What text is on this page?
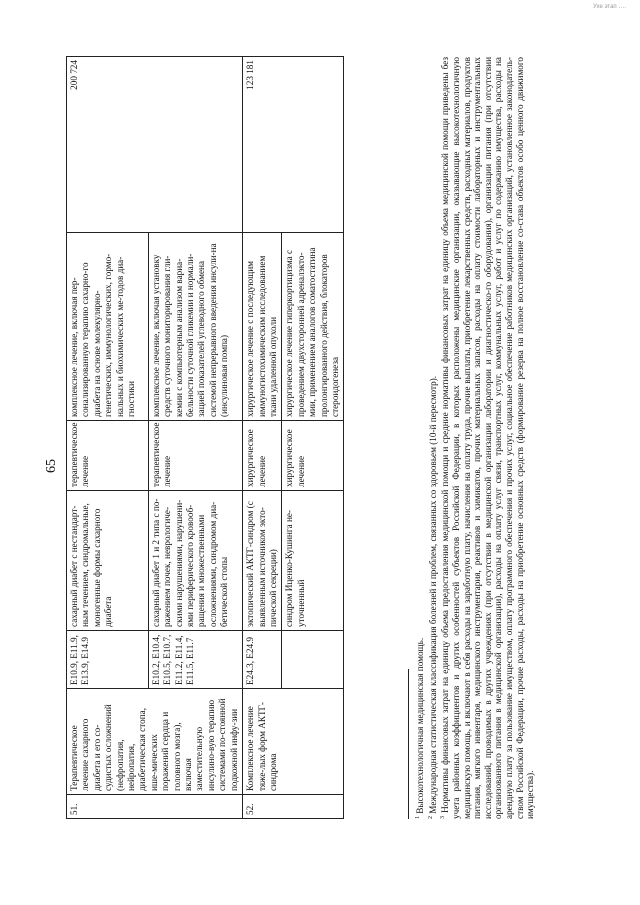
Ухе этап ….
65
51.	Терапевтическое лечение сахарного диабета и его со-судистых осложнений (нефропатия, нейропатия, диабетическая стопа, ише-мических поражений сердца и головного мозга), включая заместительную инсулино-вую терапию системами по-стоянной подкожной инфу-зии	E10.9, E11.9, E13.9, E14.9	сахарный диабет с нестандарт-ным течением, синдромальные, моногенные формы сахарного диабета	терапевтическое лечение	комплексное лечение, включая пер-сонализированную терапию сахарно-го диабета на основе молекулярно-генетических, иммунологических, гормо-нальных и биохимических ме-тодов диа-гностики	200 724
		E10.2, E10.4, E10.5, E10.7, E11.2, E11.4, E11.5, E11.7	сахарный диабет 1 и 2 типа с по-ражением почек, неврологиче-скими нарушениями, нарушени-ями периферического кровооб-ращения и множественными осложнениями, синдромом диа-бетической стопы	терапевтическое лечение	комплексное лечение, включая установку средств суточного мониторирования гли-кемии с компьютерным анализом вариа-бельности суточной гликемии и нормали-зацией показателей углеводного обмена системой непрерывного введения инсули-на (инсулиновая помпа)	
52.	Комплексное лечение тяже-лых форм АКТГ-синдрома	E24.3, E24.9	эктопический АКТГ-синдром (с выявленным источником экто-пической секреции)	хирургическое лечение	хирургическое лечение с последующим иммуногистохимическим исследованием ткани удаленной опухоли	123 181
			синдром Иценко-Кушинга не-уточненный	хирургическое лечение	хирургическое лечение гиперкортицизма с проведением двухсторонней адреналэкто-мии, применением аналогов соматостатина пролонгированного действия, блокаторов стероидогенеза	

$^1$ Высокотехнологичная медицинская помощь.

$^2$ Международная статистическая классификация болезней и проблем, связанных со здоровьем (10-й пересмотр).

$^3$ Нормативы финансовых затрат на единицу объема предоставления медицинской помощи и средние нормативы финансовых затрат на единицу объема медицинской помощи приведены без учета районных коэффициентов и других особенностей субъектов Российской Федерации, в которых расположены медицинские организации, оказывающие высокотехнологичную медицинскую помощь, и включают в себя расходы на заработную плату, начисления на оплату труда, прочие выплаты, приобретение лекарственных средств, расходных материалов, продуктов питания, мягкого инвентаря, медицинского инструментария, реактивов и химикатов, прочих материальных запасов, расходы на оплату стоимости лабораторных и инструментальных исследований, проводимых в других учреждениях (при отсутствии в медицинской организации лаборатории и диагностическо-го оборудования), организации питания (при отсутствии организованного питания в медицинской организации), расходы на оплату услуг связи, транспортных услуг, коммунальных услуг, работ и услуг по содержанию имущества, расходы на арендную плату за пользование имуществом, оплату программного обеспечения и прочих услуг, социальное обеспечение работников медицинских организаций, установленное законодатель-ством Российской Федерации, прочие расходы, расходы на приобретение основных средств (формирование резерва на полное восстановление со-става объектов особо ценного движимого имущества).
